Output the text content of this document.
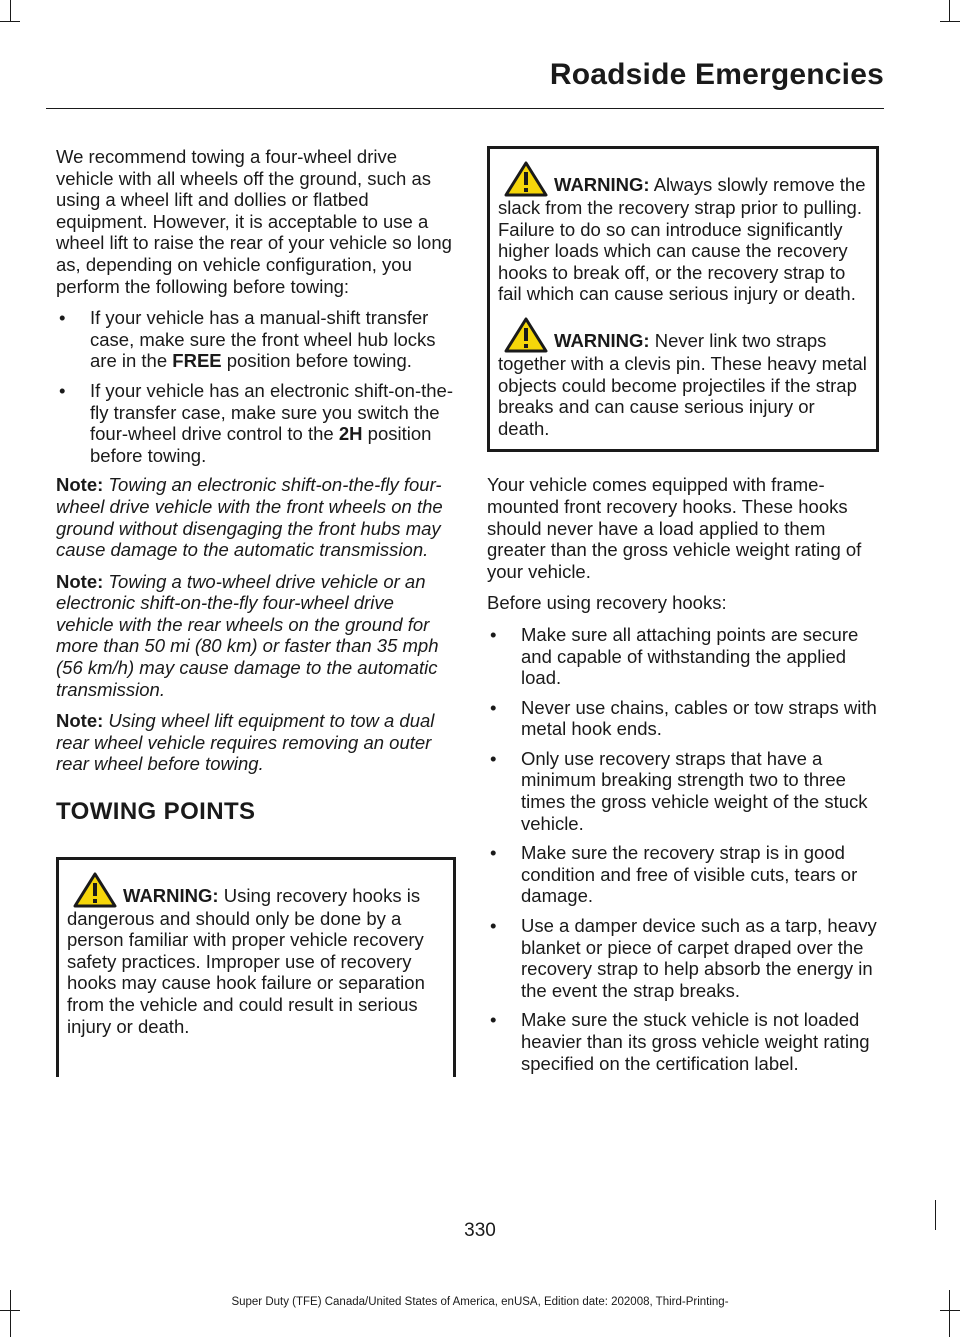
Roadside Emergencies

We recommend towing a four-wheel drive vehicle with all wheels off the ground, such as using a wheel lift and dollies or flatbed equipment. However, it is acceptable to use a wheel lift to raise the rear of your vehicle so long as, depending on vehicle configuration, you perform the following before towing:

• If your vehicle has a manual-shift transfer case, make sure the front wheel hub locks are in the FREE position before towing.
• If your vehicle has an electronic shift-on-the-fly transfer case, make sure you switch the four-wheel drive control to the 2H position before towing.

Note: Towing an electronic shift-on-the-fly four-wheel drive vehicle with the front wheels on the ground without disengaging the front hubs may cause damage to the automatic transmission.

Note: Towing a two-wheel drive vehicle or an electronic shift-on-the-fly four-wheel drive vehicle with the rear wheels on the ground for more than 50 mi (80 km) or faster than 35 mph (56 km/h) may cause damage to the automatic transmission.

Note: Using wheel lift equipment to tow a dual rear wheel vehicle requires removing an outer rear wheel before towing.

TOWING POINTS

WARNING: Using recovery hooks is dangerous and should only be done by a person familiar with proper vehicle recovery safety practices. Improper use of recovery hooks may cause hook failure or separation from the vehicle and could result in serious injury or death.

WARNING: Always slowly remove the slack from the recovery strap prior to pulling. Failure to do so can introduce significantly higher loads which can cause the recovery hooks to break off, or the recovery strap to fail which can cause serious injury or death.

WARNING: Never link two straps together with a clevis pin. These heavy metal objects could become projectiles if the strap breaks and can cause serious injury or death.

Your vehicle comes equipped with frame-mounted front recovery hooks. These hooks should never have a load applied to them greater than the gross vehicle weight rating of your vehicle.

Before using recovery hooks:

• Make sure all attaching points are secure and capable of withstanding the applied load.
• Never use chains, cables or tow straps with metal hook ends.
• Only use recovery straps that have a minimum breaking strength two to three times the gross vehicle weight of the stuck vehicle.
• Make sure the recovery strap is in good condition and free of visible cuts, tears or damage.
• Use a damper device such as a tarp, heavy blanket or piece of carpet draped over the recovery strap to help absorb the energy in the event the strap breaks.
• Make sure the stuck vehicle is not loaded heavier than its gross vehicle weight rating specified on the certification label.
330
Super Duty (TFE) Canada/United States of America, enUSA, Edition date: 202008, Third-Printing-
